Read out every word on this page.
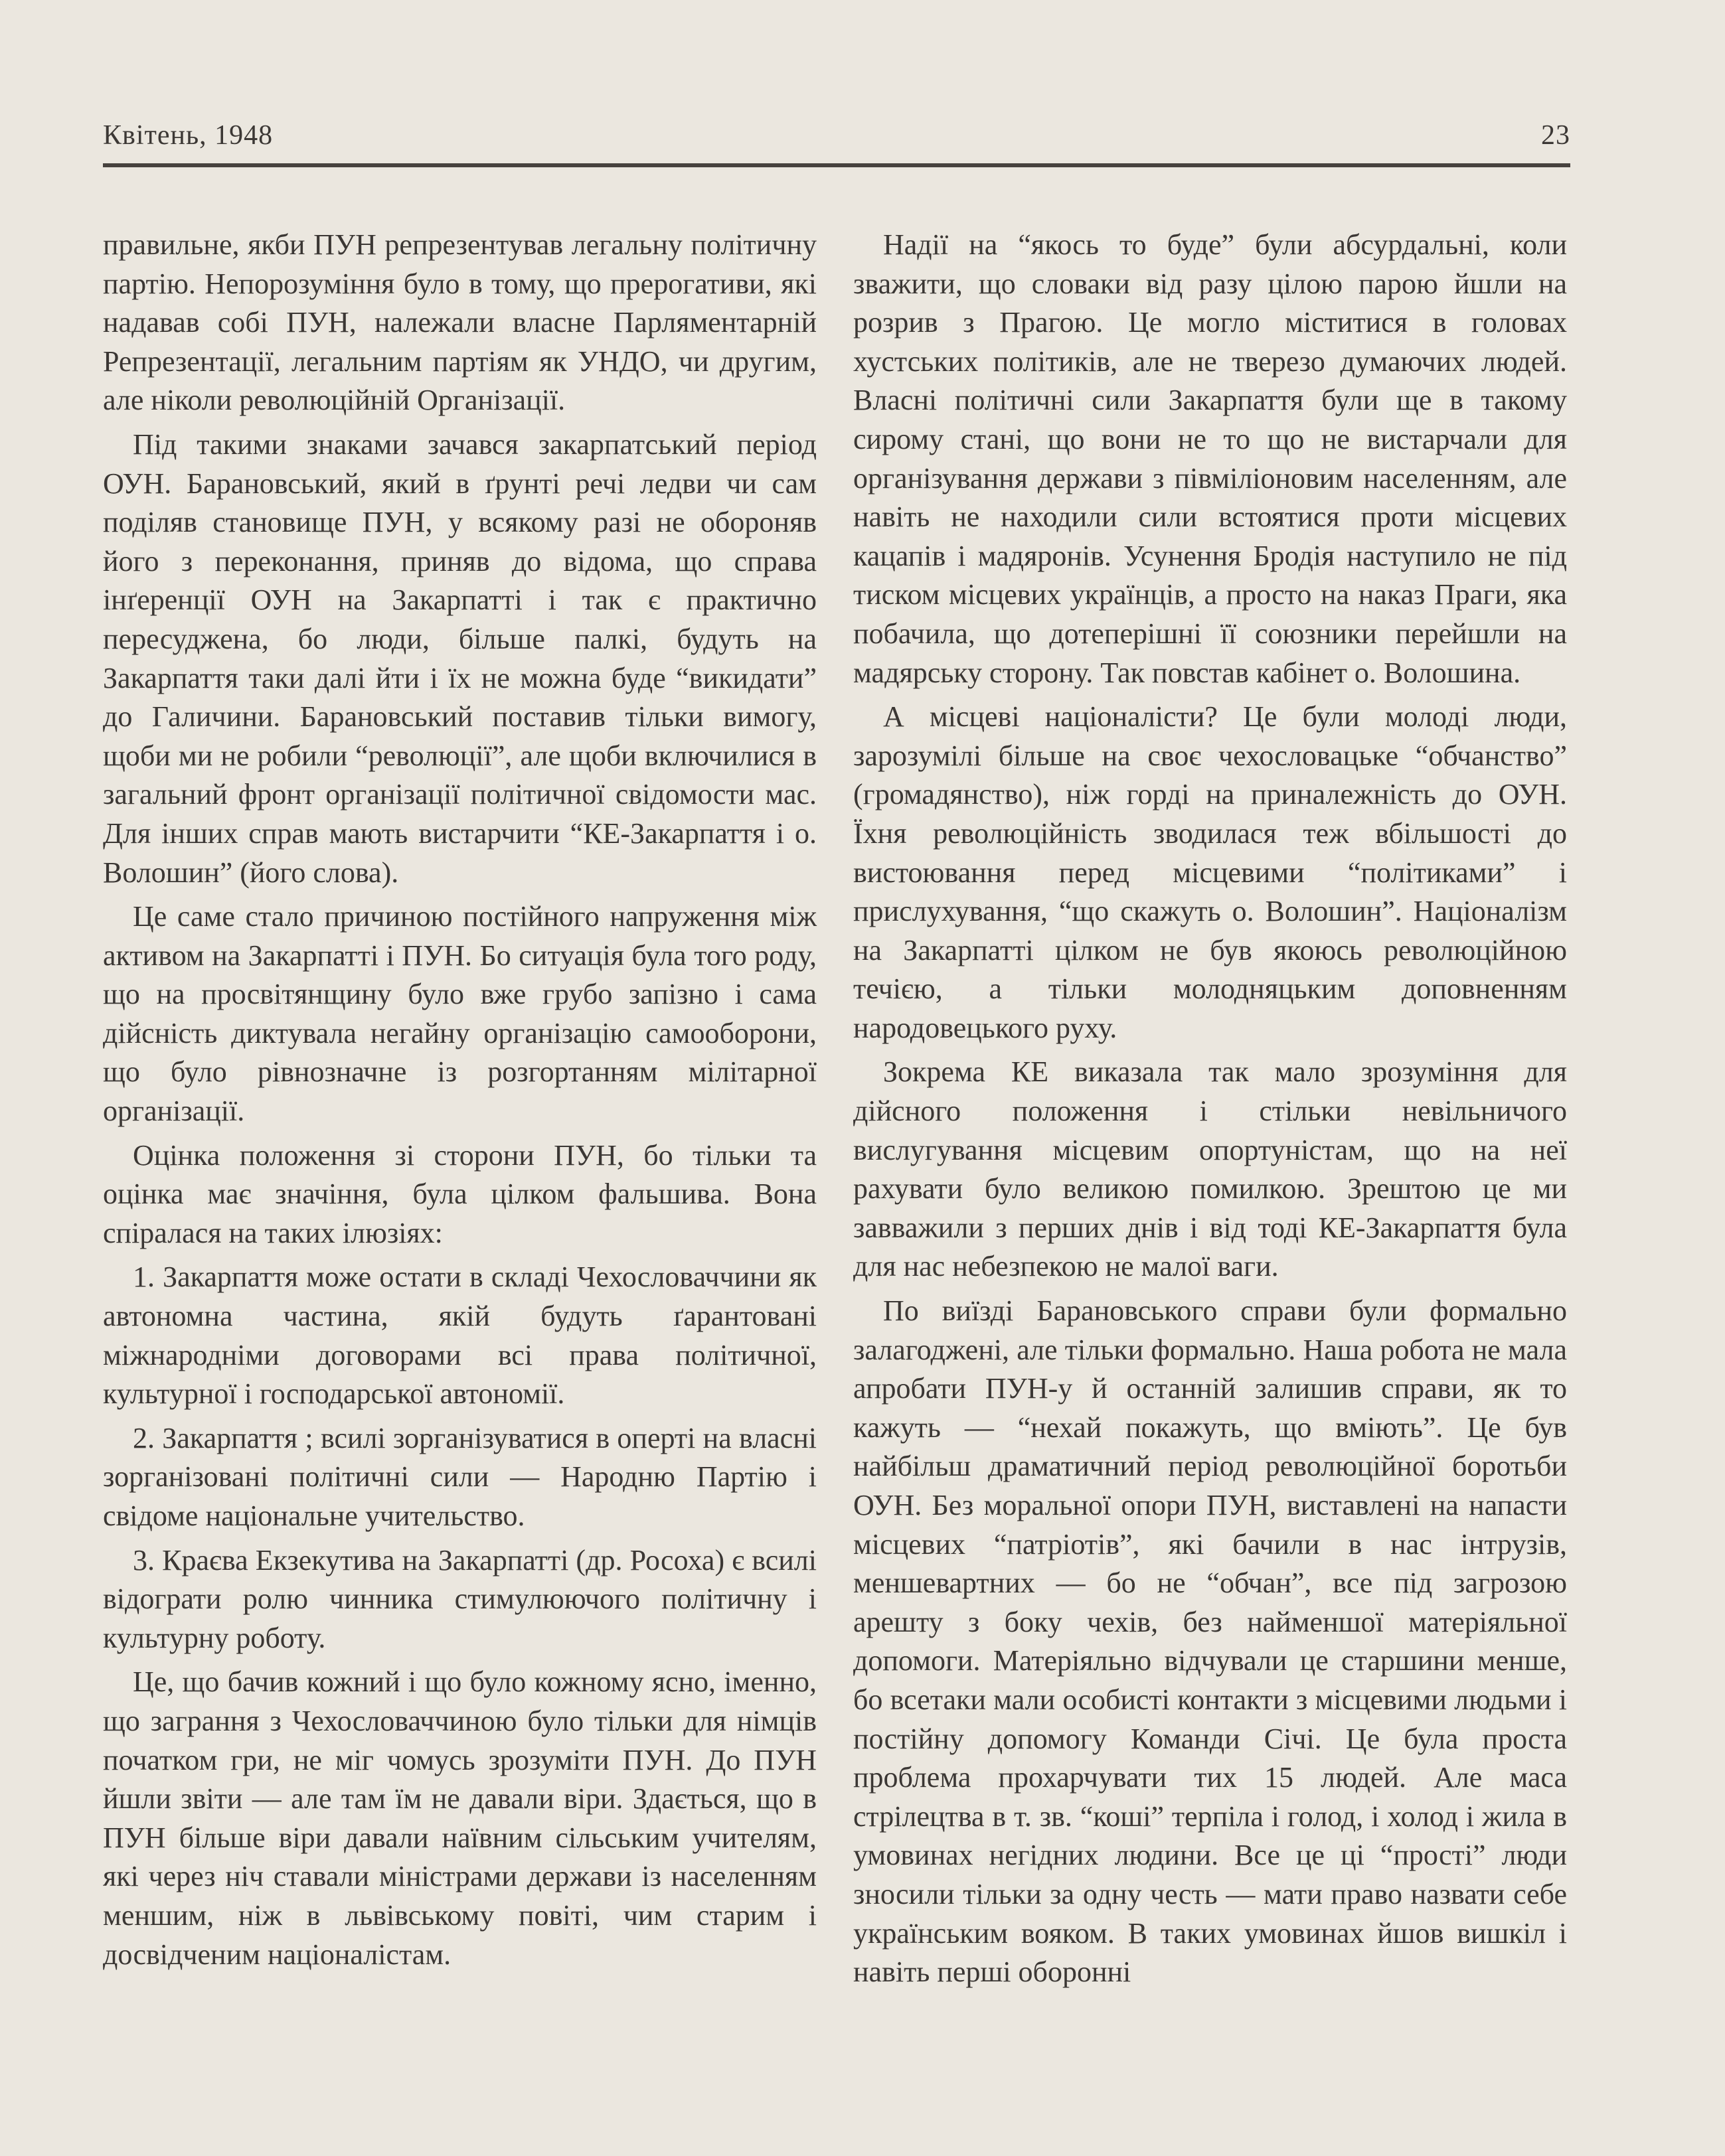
Квітень, 1948	23

правильне, якби ПУН репрезентував легальну політичну партію. Непорозуміння було в тому, що прерогативи, які надавав собі ПУН, належали власне Парляментарній Репрезентації, легальним партіям як УНДО, чи другим, але ніколи революційній Організації.

Під такими знаками зачався закарпатський період ОУН. Барановський, який в ґрунті речі ледви чи сам поділяв становище ПУН, у всякому разі не обороняв його з переконання, приняв до відома, що справа інґеренції ОУН на Закарпатті і так є практично пересуджена, бо люди, більше палкі, будуть на Закарпаття таки далі йти і їх не можна буде “викидати” до Галичини. Барановський поставив тільки вимогу, щоби ми не робили “революції”, але щоби включилися в загальний фронт організації політичної свідомости мас. Для інших справ мають вистарчити “КЕ-Закарпаття і о. Волошин” (його слова).

Це саме стало причиною постійного напруження між активом на Закарпатті і ПУН. Бо ситуація була того роду, що на просвітянщину було вже грубо запізно і сама дійсність диктувала негайну організацію самооборони, що було рівнозначне із розгортанням мілітарної організації.

Оцінка положення зі сторони ПУН, бо тільки та оцінка має значіння, була цілком фальшива. Вона спіралася на таких ілюзіях:

1. Закарпаття може остати в складі Чехословаччини як автономна частина, якій будуть ґарантовані міжнародніми договорами всі права політичної, культурної і господарської автономії.

2. Закарпаття ; всилі зорганізуватися в оперті на власні зорганізовані політичні сили — Народню Партію і свідоме національне учительство.

3. Краєва Екзекутива на Закарпатті (др. Росоха) є всилі відограти ролю чинника стимулюючого політичну і культурну роботу.

Це, що бачив кожний і що було кожному ясно, іменно, що заграння з Чехословаччиною було тільки для німців початком гри, не міг чомусь зрозуміти ПУН. До ПУН йшли звіти — але там їм не давали віри. Здається, що в ПУН більше віри давали наївним сільським учителям, які через ніч ставали міністрами держави із населенням меншим, ніж в львівському повіті, чим старим і досвідченим націоналістам.

Надії на “якось то буде” були абсурдальні, коли зважити, що словаки від разу цілою парою йшли на розрив з Прагою. Це могло міститися в головах хустських політиків, але не тверезо думаючих людей. Власні політичні сили Закарпаття були ще в такому сирому стані, що вони не то що не вистарчали для організування держави з півміліоновим населенням, але навіть не находили сили встоятися проти місцевих кацапів і мадяронів. Усунення Бродія наступило не під тиском місцевих українців, а просто на наказ Праги, яка побачила, що дотеперішні її союзники перейшли на мадярську сторону. Так повстав кабінет о. Волошина.

А місцеві націоналісти? Це були молоді люди, зарозумілі більше на своє чехословацьке “обчанство” (громадянство), ніж горді на приналежність до ОУН. Їхня революційність зводилася теж вбільшості до вистоювання перед місцевими “політиками” і прислухування, “що скажуть о. Волошин”. Націоналізм на Закарпатті цілком не був якоюсь революційною течією, а тільки молодняцьким доповненням народовецького руху.

Зокрема КЕ виказала так мало зрозуміння для дійсного положення і стільки невільничого вислугування місцевим опортуністам, що на неї рахувати було великою помилкою. Зрештою це ми завважили з перших днів і від тоді КЕ-Закарпаття була для нас небезпекою не малої ваги.

По виїзді Барановського справи були формально залагоджені, але тільки формально. Наша робота не мала апробати ПУН-у й останній залишив справи, як то кажуть — “нехай покажуть, що вміють”. Це був найбільш драматичний період революційної боротьби ОУН. Без моральної опори ПУН, виставлені на напасти місцевих “патріотів”, які бачили в нас інтрузів, меншевартних — бо не “обчан”, все під загрозою арешту з боку чехів, без найменшої матеріяльної допомоги. Матеріяльно відчували це старшини менше, бо всетаки мали особисті контакти з місцевими людьми і постійну допомогу Команди Січі. Це була проста проблема прохарчувати тих 15 людей. Але маса стрілецтва в т. зв. “коші” терпіла і голод, і холод і жила в умовинах негідних людини. Все це ці “прості” люди зносили тільки за одну честь — мати право назвати себе українським вояком. В таких умовинах йшов вишкіл і навіть перші оборонні
